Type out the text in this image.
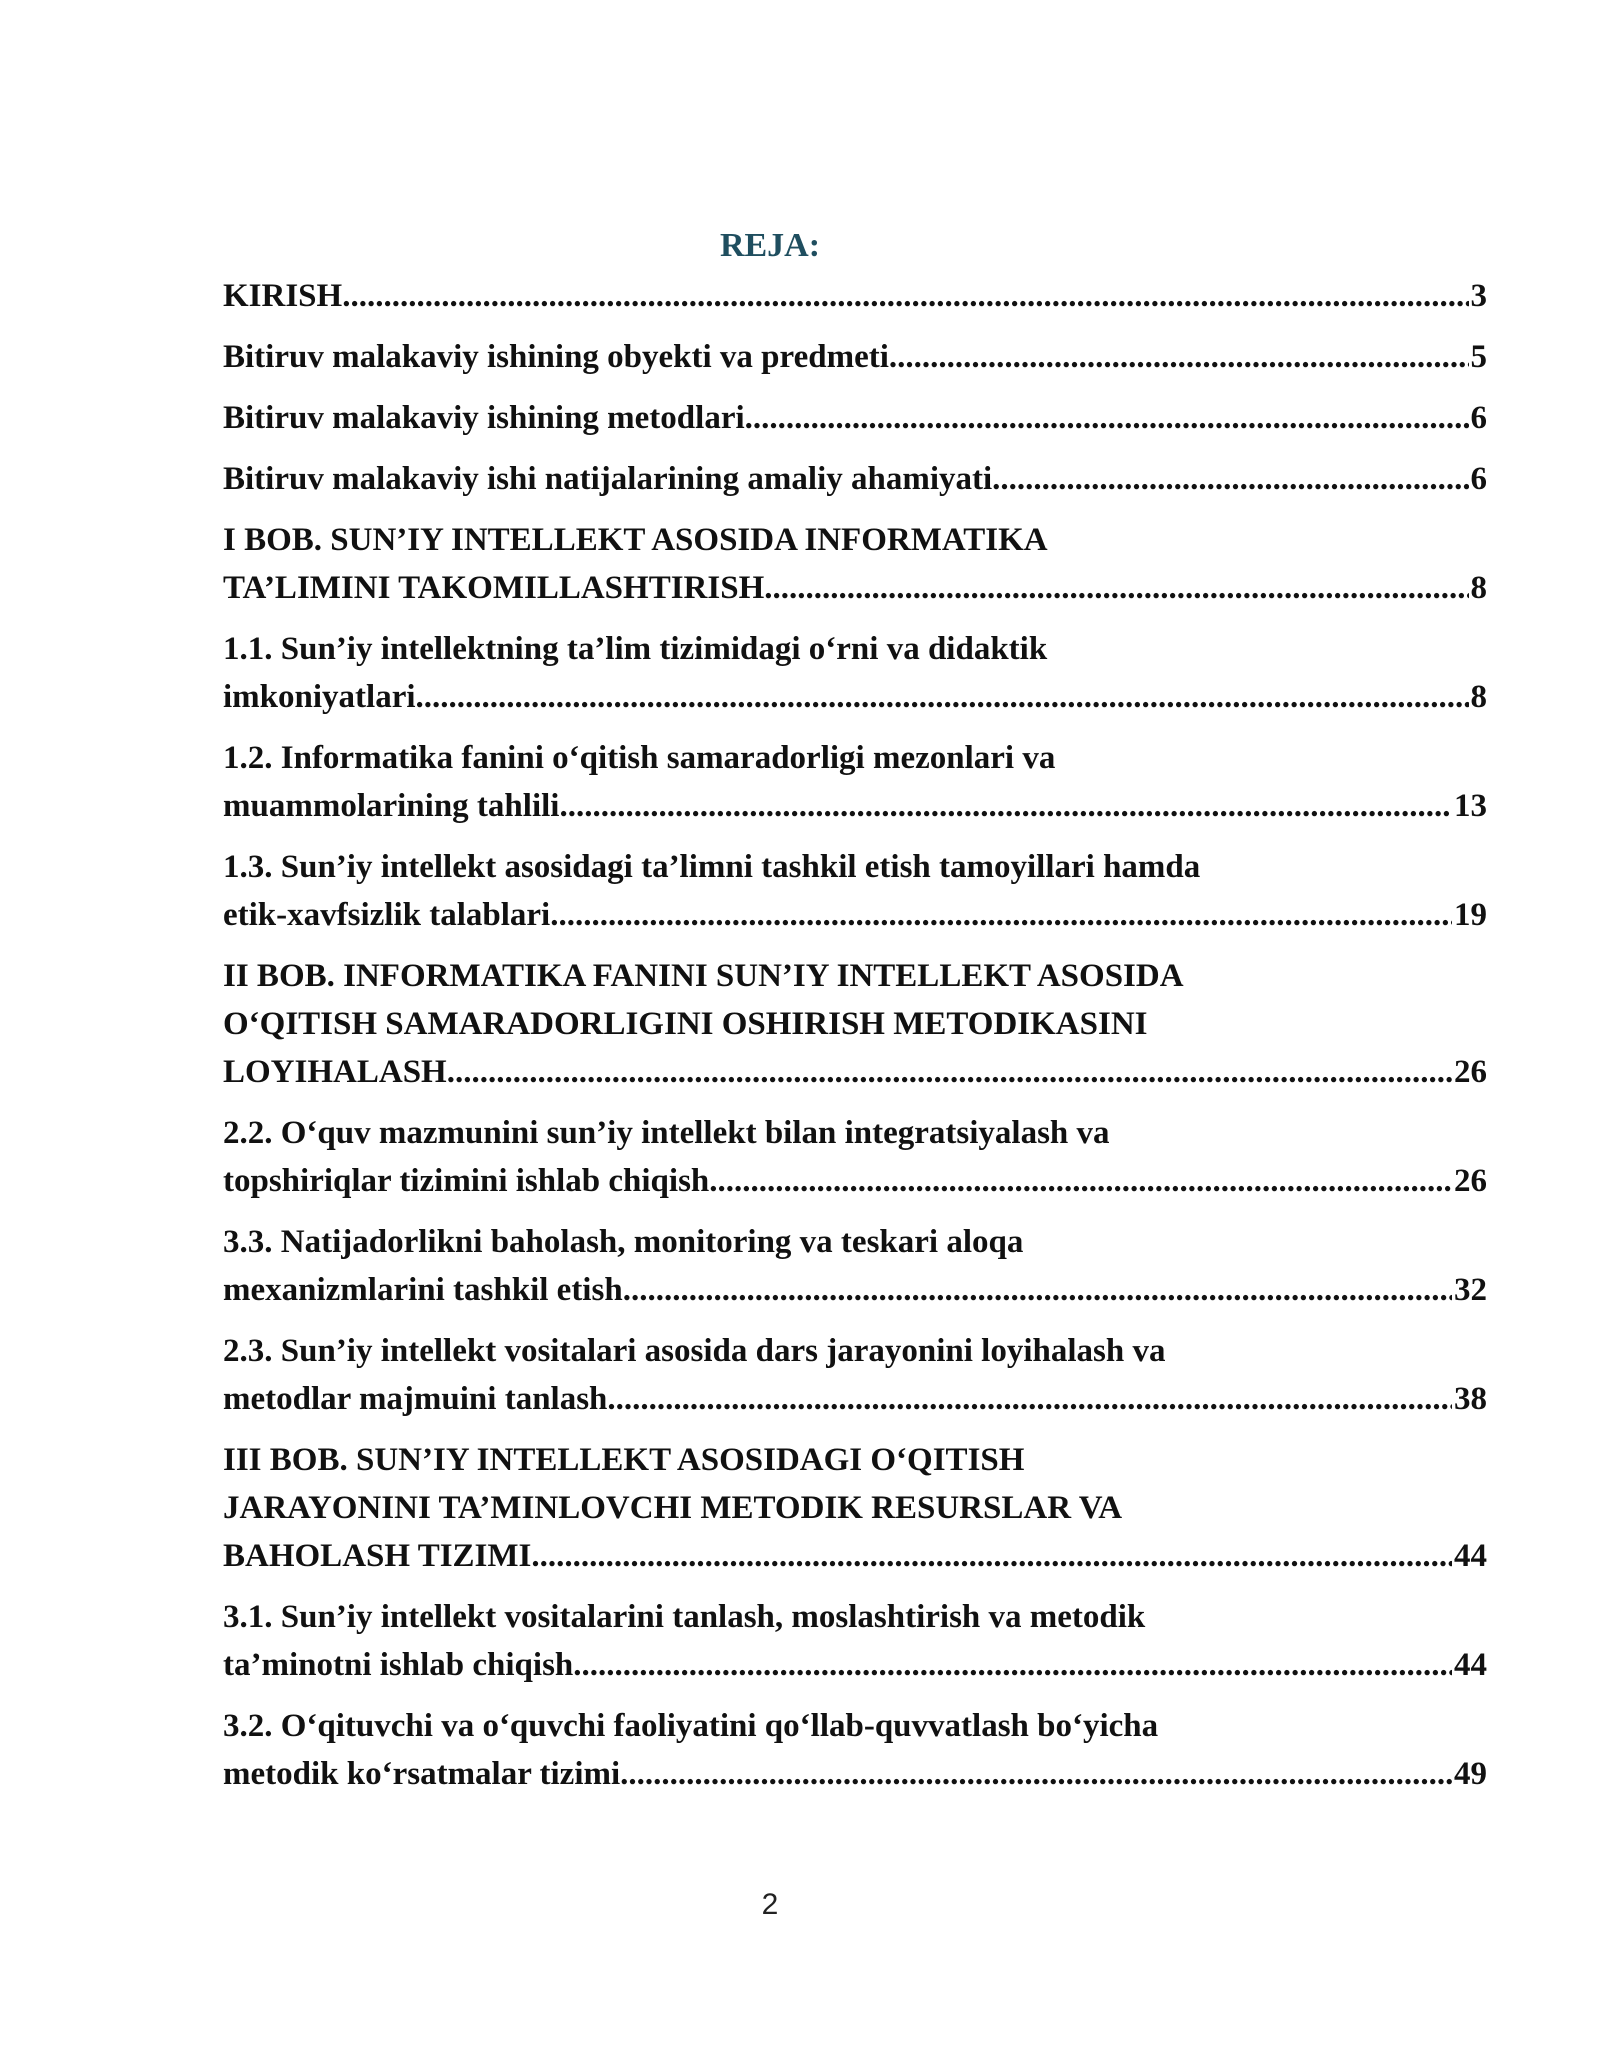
REJA:
KIRISH .....	3
Bitiruv malakaviy ishining obyekti va predmeti .....	5
Bitiruv malakaviy ishining metodlari .....	6
Bitiruv malakaviy ishi natijalarining amaliy ahamiyati .....	6
I BOB. SUN’IY INTELLEKT ASOSIDA INFORMATIKA
TA’LIMINI TAKOMILLASHTIRISH .....	8
1.1. Sun’iy intellektning ta’lim tizimidagi o‘rni va didaktik
imkoniyatlari .....	8
1.2. Informatika fanini o‘qitish samaradorligi mezonlari va
muammolarining tahlili .....	13
1.3. Sun’iy intellekt asosidagi ta’limni tashkil etish tamoyillari hamda
etik-xavfsizlik talablari .....	19
II BOB. INFORMATIKA FANINI SUN’IY INTELLEKT ASOSIDA
O‘QITISH SAMARADORLIGINI OSHIRISH METODIKASINI
LOYIHALASH .....	26
2.2. O‘quv mazmunini sun’iy intellekt bilan integratsiyalash va
topshiriqlar tizimini ishlab chiqish .....	26
3.3. Natijadorlikni baholash, monitoring va teskari aloqa
mexanizmlarini tashkil etish .....	32
2.3. Sun’iy intellekt vositalari asosida dars jarayonini loyihalash va
metodlar majmuini tanlash .....	38
III BOB. SUN’IY INTELLEKT ASOSIDAGI O‘QITISH
JARAYONINI TA’MINLOVCHI METODIK RESURSLAR VA
BAHOLASH TIZIMI .....	44
3.1. Sun’iy intellekt vositalarini tanlash, moslashtirish va metodik
ta’minotni ishlab chiqish .....	44
3.2. O‘qituvchi va o‘quvchi faoliyatini qo‘llab-quvvatlash bo‘yicha
metodik ko‘rsatmalar tizimi .....	49
2
